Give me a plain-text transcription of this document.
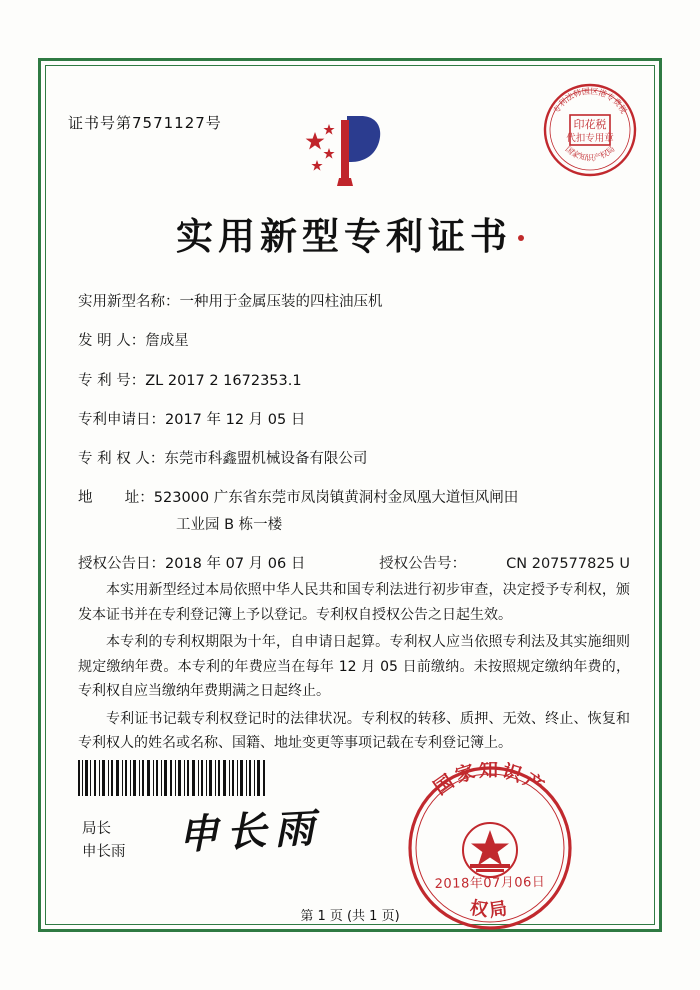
证书号第7571127号	印花税
代扣专用章
专利法韩国区港专费税
国家知识产权局
实用新型专利证书
实用新型名称： 一种用于金属压装的四柱油压机
发 明 人： 詹成星
专 利 号： ZL 2017 2 1672353.1
专利申请日： 2017 年 12 月 05 日
专 利 权 人： 东莞市科鑫盟机械设备有限公司
地       址： 523000 广东省东莞市凤岗镇黄洞村金凤凰大道恒风闸田
工业园 B 栋一楼
授权公告日： 2018 年 07 月 06 日	授权公告号：	CN 207577825 U

本实用新型经过本局依照中华人民共和国专利法进行初步审查，决定授予专利权，颁发本证书并在专利登记簿上予以登记。专利权自授权公告之日起生效。

本专利的专利权期限为十年，自申请日起算。专利权人应当依照专利法及其实施细则规定缴纳年费。本专利的年费应当在每年 12 月 05 日前缴纳。未按照规定缴纳年费的，专利权自应当缴纳年费期满之日起终止。

专利证书记载专利权登记时的法律状况。专利权的转移、质押、无效、终止、恢复和专利权人的姓名或名称、国籍、地址变更等事项记载在专利登记簿上。

局长
申长雨 申长雨
国家知识产
权局
2018年07月06日
第 1 页 (共 1 页)
